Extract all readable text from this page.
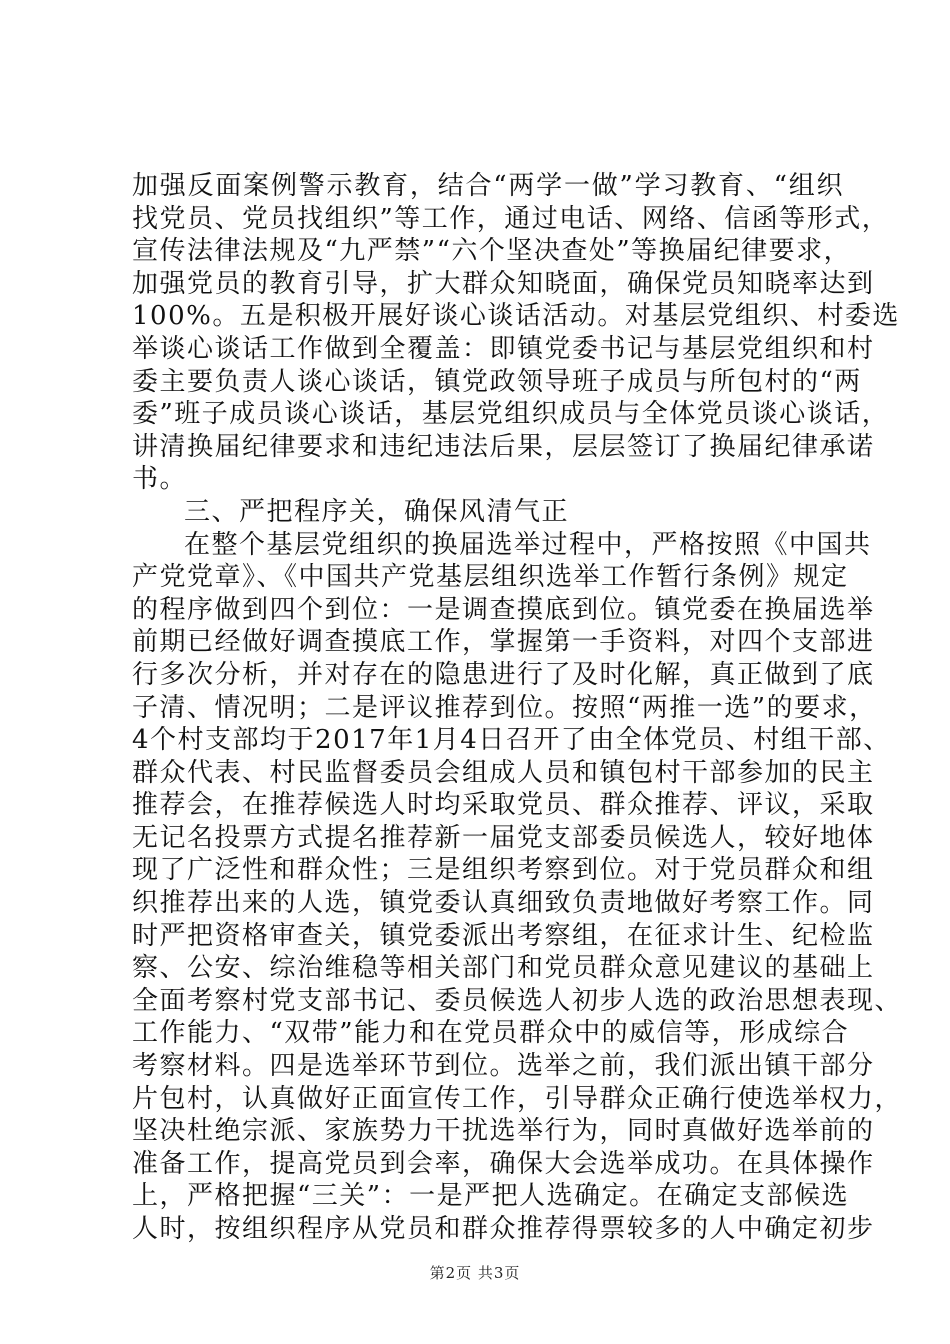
加强反面案例警示教育，结合“两学一做”学习教育、“组织
找党员、党员找组织”等工作，通过电话、网络、信函等形式，
宣传法律法规及“九严禁”“六个坚决查处”等换届纪律要求，
加强党员的教育引导，扩大群众知晓面，确保党员知晓率达到
100%。五是积极开展好谈心谈话活动。对基层党组织、村委选
举谈心谈话工作做到全覆盖：即镇党委书记与基层党组织和村
委主要负责人谈心谈话，镇党政领导班子成员与所包村的“两
委”班子成员谈心谈话，基层党组织成员与全体党员谈心谈话，
讲清换届纪律要求和违纪违法后果，层层签订了换届纪律承诺
书。
三、严把程序关，确保风清气正
在整个基层党组织的换届选举过程中，严格按照《中国共
产党党章》、《中国共产党基层组织选举工作暂行条例》规定
的程序做到四个到位：一是调查摸底到位。镇党委在换届选举
前期已经做好调查摸底工作，掌握第一手资料，对四个支部进
行多次分析，并对存在的隐患进行了及时化解，真正做到了底
子清、情况明；二是评议推荐到位。按照“两推一选”的要求，
4个村支部均于2017年1月4日召开了由全体党员、村组干部、
群众代表、村民监督委员会组成人员和镇包村干部参加的民主
推荐会，在推荐候选人时均采取党员、群众推荐、评议，采取
无记名投票方式提名推荐新一届党支部委员候选人，较好地体
现了广泛性和群众性；三是组织考察到位。对于党员群众和组
织推荐出来的人选，镇党委认真细致负责地做好考察工作。同
时严把资格审查关，镇党委派出考察组，在征求计生、纪检监
察、公安、综治维稳等相关部门和党员群众意见建议的基础上
全面考察村党支部书记、委员候选人初步人选的政治思想表现、
工作能力、“双带”能力和在党员群众中的威信等，形成综合
考察材料。四是选举环节到位。选举之前，我们派出镇干部分
片包村，认真做好正面宣传工作，引导群众正确行使选举权力，
坚决杜绝宗派、家族势力干扰选举行为，同时真做好选举前的
准备工作，提高党员到会率，确保大会选举成功。在具体操作
上，严格把握“三关”：一是严把人选确定。在确定支部候选
人时，按组织程序从党员和群众推荐得票较多的人中确定初步
第2页 共3页
